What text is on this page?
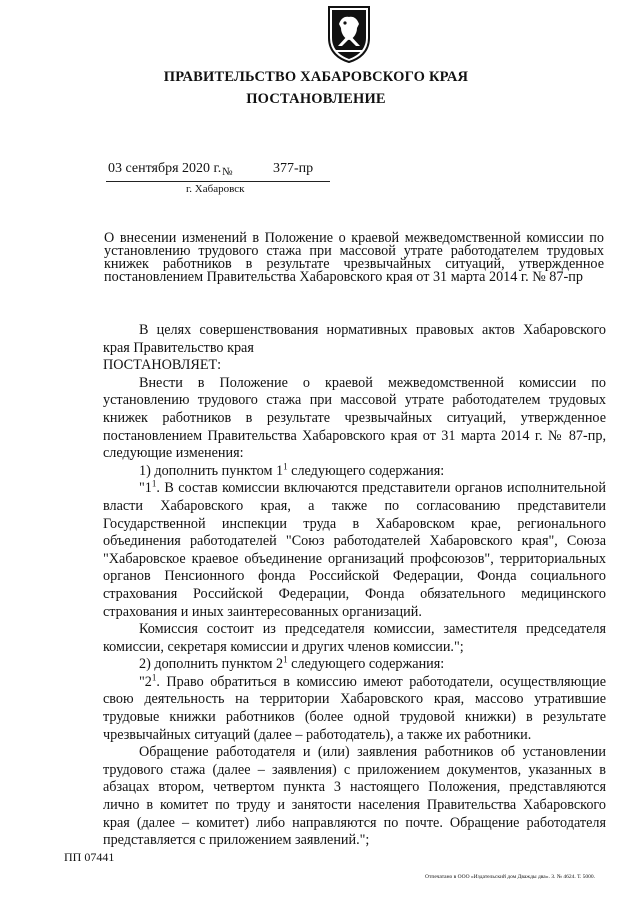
ПРАВИТЕЛЬСТВО ХАБАРОВСКОГО КРАЯ
ПОСТАНОВЛЕНИЕ
03 сентября 2020 г. №	377-пр
г. Хабаровск
О внесении изменений в Положение о краевой межведомственной комиссии по установлению трудового стажа при массовой утрате работодателем трудовых книжек работников в результате чрезвычайных ситуаций, утвержденное постановлением Правительства Хабаровского края от 31 марта 2014 г. № 87-пр

В целях совершенствования нормативных правовых актов Хабаровского края Правительство края

ПОСТАНОВЛЯЕТ:

Внести в Положение о краевой межведомственной комиссии по установлению трудового стажа при массовой утрате работодателем трудовых книжек работников в результате чрезвычайных ситуаций, утвержденное постановлением Правительства Хабаровского края от 31 марта 2014 г. № 87-пр, следующие изменения:

1) дополнить пунктом $1^1$ следующего содержания:

"$1^1$. В состав комиссии включаются представители органов исполнительной власти Хабаровского края, а также по согласованию представители Государственной инспекции труда в Хабаровском крае, регионального объединения работодателей "Союз работодателей Хабаровского края", Союза "Хабаровское краевое объединение организаций профсоюзов", территориальных органов Пенсионного фонда Российской Федерации, Фонда социального страхования Российской Федерации, Фонда обязательного медицинского страхования и иных заинтересованных организаций.

Комиссия состоит из председателя комиссии, заместителя председателя комиссии, секретаря комиссии и других членов комиссии.";

2) дополнить пунктом $2^1$ следующего содержания:

"$2^1$. Право обратиться в комиссию имеют работодатели, осуществляющие свою деятельность на территории Хабаровского края, массово утратившие трудовые книжки работников (более одной трудовой книжки) в результате чрезвычайных ситуаций (далее – работодатель), а также их работники.

Обращение работодателя и (или) заявления работников об установлении трудового стажа (далее – заявления) с приложением документов, указанных в абзацах втором, четвертом пункта 3 настоящего Положения, представляются лично в комитет по труду и занятости населения Правительства Хабаровского края (далее – комитет) либо направляются по почте. Обращение работодателя представляется с приложением заявлений.";

ПП 07441
Отпечатано в ООО «Издательский дом Дважды два». З. № 4624. Т. 5000.
